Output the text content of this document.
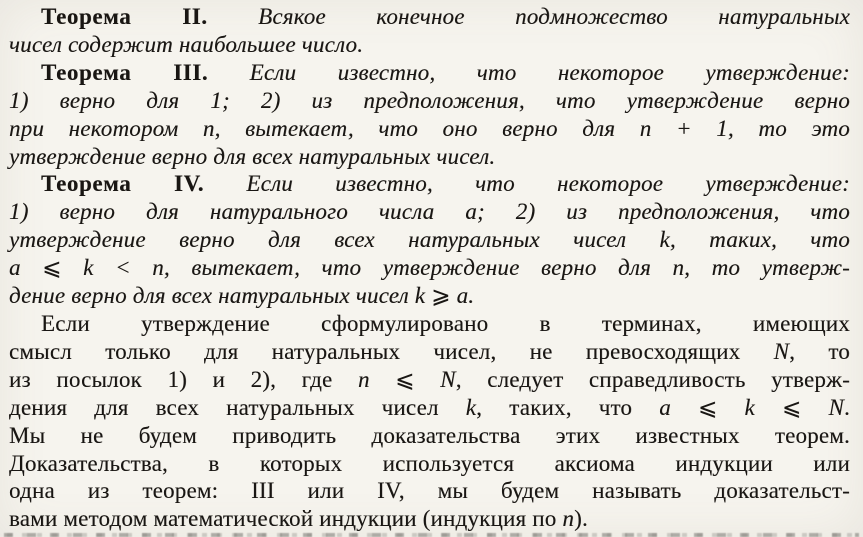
Теорема II. Всякое конечное подмножество натуральных
чисел содержит наибольшее число.
Теорема III. Если известно, что некоторое утверждение:
1) верно для 1; 2) из предположения, что утверждение верно
при некотором n, вытекает, что оно верно для n + 1, то это
утверждение верно для всех натуральных чисел.
Теорема IV. Если известно, что некоторое утверждение:
1) верно для натурального числа a; 2) из предположения, что
утверждение верно для всех натуральных чисел k, таких, что
a ⩽ k < n, вытекает, что утверждение верно для n, то утверж-
дение верно для всех натуральных чисел k ⩾ a.
Если утверждение сформулировано в терминах, имеющих
смысл только для натуральных чисел, не превосходящих N, то
из посылок 1) и 2), где n ⩽ N, следует справедливость утверж-
дения для всех натуральных чисел k, таких, что a ⩽ k ⩽ N.
Мы не будем приводить доказательства этих известных теорем.
Доказательства, в которых используется аксиома индукции или
одна из теорем: III или IV, мы будем называть доказательст-
вами методом математической индукции (индукция по n).
